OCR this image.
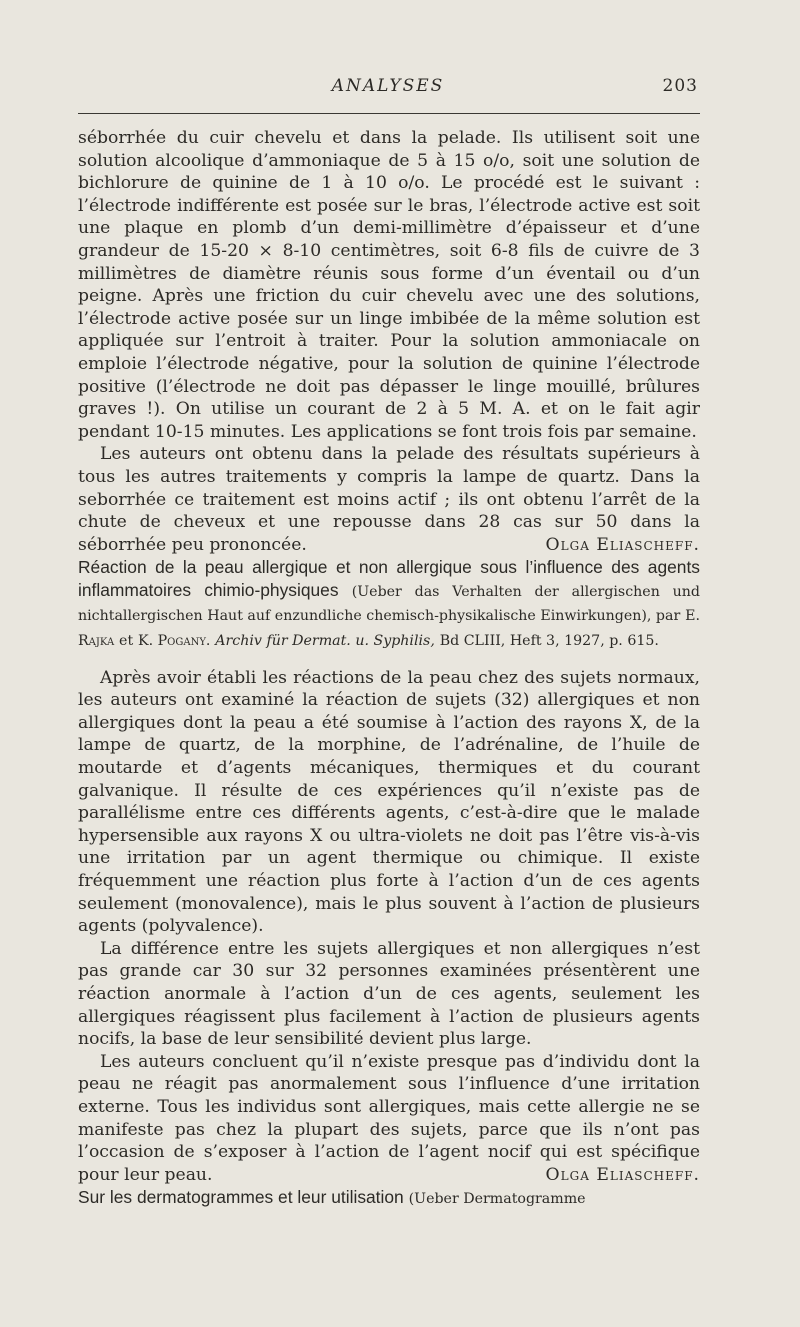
ANALYSES	203

séborrhée du cuir chevelu et dans la pelade. Ils utilisent soit une solution alcoolique d’ammoniaque de 5 à 15 o/o, soit une solution de bichlorure de quinine de 1 à 10 o/o. Le procédé est le suivant : l’électrode indifférente est posée sur le bras, l’électrode active est soit une plaque en plomb d’un demi-millimètre d’épaisseur et d’une grandeur de 15-20 × 8-10 centimètres, soit 6-8 fils de cuivre de 3 millimètres de diamètre réunis sous forme d’un éventail ou d’un peigne. Après une friction du cuir chevelu avec une des solutions, l’électrode active posée sur un linge imbibée de la même solution est appliquée sur l’entroit à traiter. Pour la solution ammoniacale on emploie l’électrode négative, pour la solution de quinine l’électrode positive (l’électrode ne doit pas dépasser le linge mouillé, brûlures graves !). On utilise un courant de 2 à 5 M. A. et on le fait agir pendant 10-15 minutes. Les applications se font trois fois par semaine.

Les auteurs ont obtenu dans la pelade des résultats supérieurs à tous les autres traitements y compris la lampe de quartz. Dans la seborrhée ce traitement est moins actif ; ils ont obtenu l’arrêt de la chute de cheveux et une repousse dans 28 cas sur 50 dans la séborrhée peu prononcée.	Olga Eliascheff.

Réaction de la peau allergique et non allergique sous l’influence des agents inflammatoires chimio-physiques (Ueber das Verhalten der allergischen und nichtallergischen Haut auf enzundliche chemisch-physikalische Einwirkungen), par E. Rajka et K. Pogany. Archiv für Dermat. u. Syphilis, Bd CLIII, Heft 3, 1927, p. 615.

Après avoir établi les réactions de la peau chez des sujets normaux, les auteurs ont examiné la réaction de sujets (32) allergiques et non allergiques dont la peau a été soumise à l’action des rayons X, de la lampe de quartz, de la morphine, de l’adrénaline, de l’huile de moutarde et d’agents mécaniques, thermiques et du courant galvanique. Il résulte de ces expériences qu’il n’existe pas de parallélisme entre ces différents agents, c’est-à-dire que le malade hypersensible aux rayons X ou ultra-violets ne doit pas l’être vis-à-vis une irritation par un agent thermique ou chimique. Il existe fréquemment une réaction plus forte à l’action d’un de ces agents seulement (monovalence), mais le plus souvent à l’action de plusieurs agents (polyvalence).

La différence entre les sujets allergiques et non allergiques n’est pas grande car 30 sur 32 personnes examinées présentèrent une réaction anormale à l’action d’un de ces agents, seulement les allergiques réagissent plus facilement à l’action de plusieurs agents nocifs, la base de leur sensibilité devient plus large.

Les auteurs concluent qu’il n’existe presque pas d’individu dont la peau ne réagit pas anormalement sous l’influence d’une irritation externe. Tous les individus sont allergiques, mais cette allergie ne se manifeste pas chez la plupart des sujets, parce que ils n’ont pas l’occasion de s’exposer à l’action de l’agent nocif qui est spécifique pour leur peau.	Olga Eliascheff.

Sur les dermatogrammes et leur utilisation (Ueber Dermatogramme
